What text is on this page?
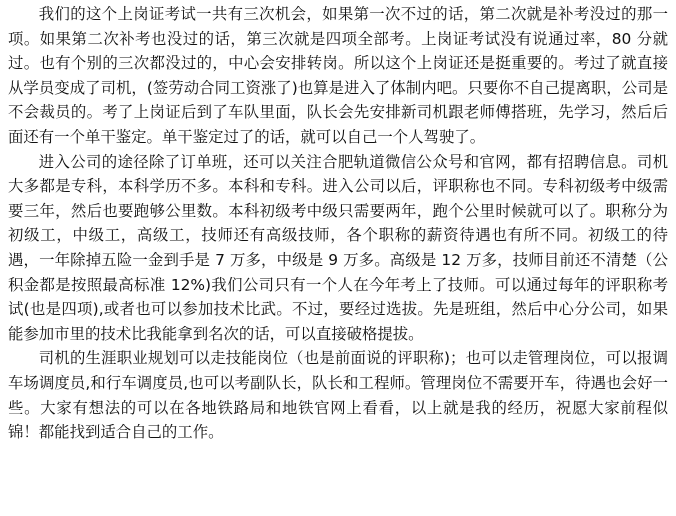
我们的这个上岗证考试一共有三次机会，如果第一次不过的话，第二次就是补考没过的那一项。如果第二次补考也没过的话，第三次就是四项全部考。上岗证考试没有说通过率，80 分就过。也有个别的三次都没过的，中心会安排转岗。所以这个上岗证还是挺重要的。考过了就直接从学员变成了司机，(签劳动合同工资涨了)也算是进入了体制内吧。只要你不自己提离职，公司是不会裁员的。考了上岗证后到了车队里面，队长会先安排新司机跟老师傅搭班，先学习，然后后面还有一个单干鉴定。单干鉴定过了的话，就可以自己一个人驾驶了。

进入公司的途径除了订单班，还可以关注合肥轨道微信公众号和官网，都有招聘信息。司机大多都是专科，本科学历不多。本科和专科。进入公司以后，评职称也不同。专科初级考中级需要三年，然后也要跑够公里数。本科初级考中级只需要两年，跑个公里时候就可以了。职称分为初级工，中级工，高级工，技师还有高级技师，各个职称的薪资待遇也有所不同。初级工的待遇，一年除掉五险一金到手是 7 万多，中级是 9 万多。高级是 12 万多，技师目前还不清楚（公积金都是按照最高标准 12%)我们公司只有一个人在今年考上了技师。可以通过每年的评职称考试(也是四项),或者也可以参加技术比武。不过，要经过选拔。先是班组，然后中心分公司，如果能参加市里的技术比我能拿到名次的话，可以直接破格提拔。

司机的生涯职业规划可以走技能岗位（也是前面说的评职称)；也可以走管理岗位，可以报调车场调度员,和行车调度员,也可以考副队长，队长和工程师。管理岗位不需要开车，待遇也会好一些。大家有想法的可以在各地铁路局和地铁官网上看看，以上就是我的经历，祝愿大家前程似锦！都能找到适合自己的工作。
